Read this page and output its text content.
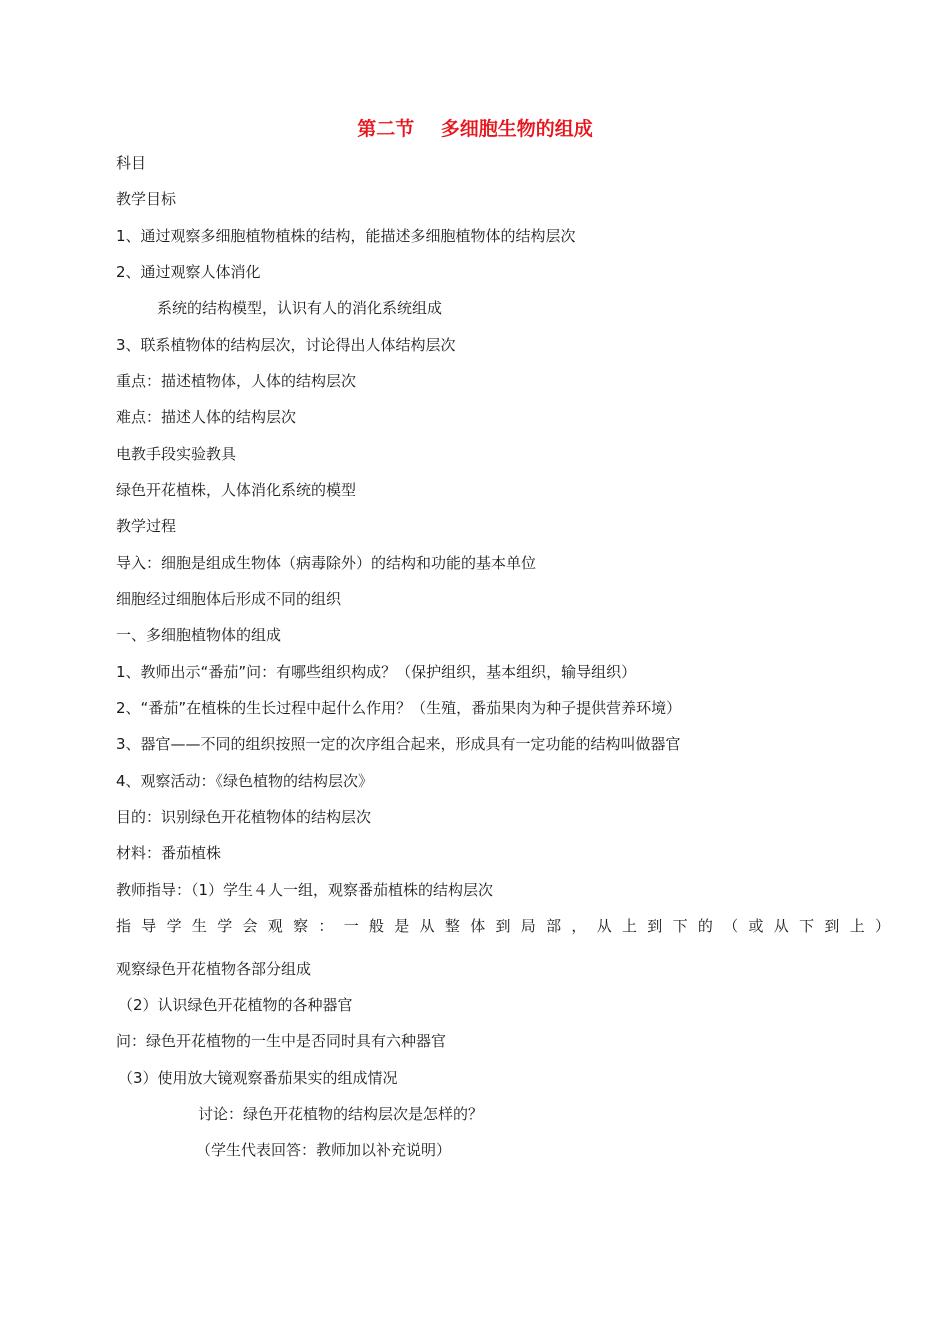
第二节    多细胞生物的组成
科目
教学目标
1、通过观察多细胞植物植株的结构，能描述多细胞植物体的结构层次
2、通过观察人体消化
系统的结构模型，认识有人的消化系统组成
3、联系植物体的结构层次，讨论得出人体结构层次
重点：描述植物体，人体的结构层次
难点：描述人体的结构层次
电教手段实验教具
绿色开花植株，人体消化系统的模型
教学过程
导入：细胞是组成生物体（病毒除外）的结构和功能的基本单位
细胞经过细胞体后形成不同的组织
一、多细胞植物体的组成
1、教师出示“番茄”问：有哪些组织构成？（保护组织，基本组织，输导组织）
2、“番茄”在植株的生长过程中起什么作用？（生殖，番茄果肉为种子提供营养环境）
3、器官——不同的组织按照一定的次序组合起来，形成具有一定功能的结构叫做器官
4、观察活动：《绿色植物的结构层次》
目的：识别绿色开花植物体的结构层次
材料：番茄植株
教师指导：（1）学生４人一组，观察番茄植株的结构层次
指导学生学会观察：一般是从整体到局部，从上到下的（或从下到上）
观察绿色开花植物各部分组成
（2）认识绿色开花植物的各种器官
问：绿色开花植物的一生中是否同时具有六种器官
（3）使用放大镜观察番茄果实的组成情况
讨论：绿色开花植物的结构层次是怎样的？
（学生代表回答：教师加以补充说明）
